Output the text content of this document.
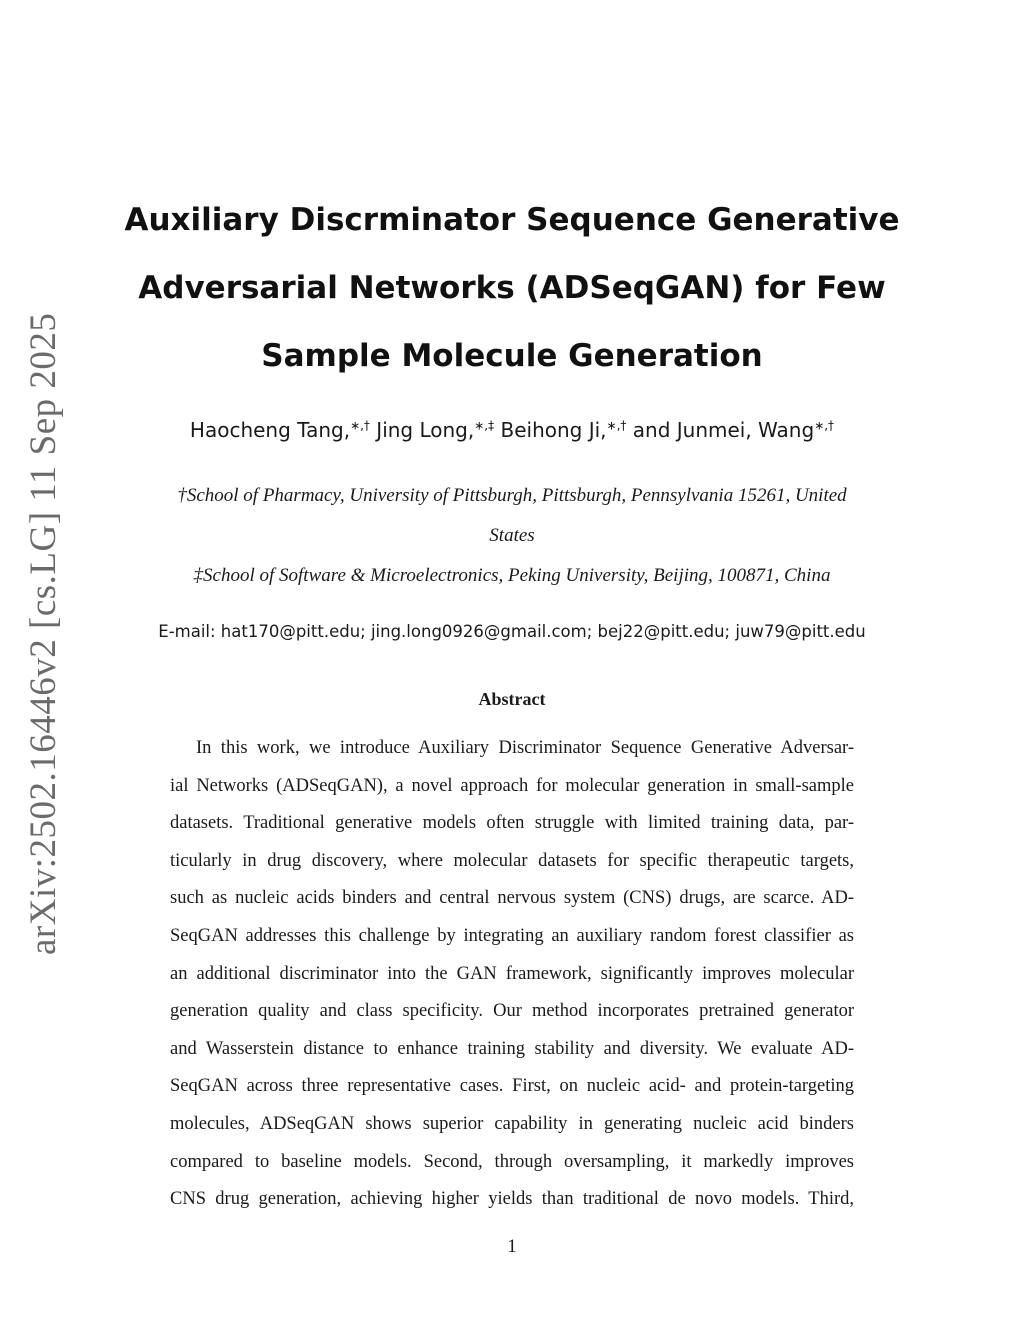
arXiv:2502.16446v2 [cs.LG] 11 Sep 2025
Auxiliary Discrminator Sequence Generative
Adversarial Networks (ADSeqGAN) for Few
Sample Molecule Generation
Haocheng Tang,∗,† Jing Long,∗,‡ Beihong Ji,∗,† and Junmei, Wang∗,†
†School of Pharmacy, University of Pittsburgh, Pittsburgh, Pennsylvania 15261, United
States
‡School of Software & Microelectronics, Peking University, Beijing, 100871, China
E-mail: hat170@pitt.edu; jing.long0926@gmail.com; bej22@pitt.edu; juw79@pitt.edu
Abstract
In this work, we introduce Auxiliary Discriminator Sequence Generative Adversar-
ial Networks (ADSeqGAN), a novel approach for molecular generation in small-sample
datasets. Traditional generative models often struggle with limited training data, par-
ticularly in drug discovery, where molecular datasets for specific therapeutic targets,
such as nucleic acids binders and central nervous system (CNS) drugs, are scarce. AD-
SeqGAN addresses this challenge by integrating an auxiliary random forest classifier as
an additional discriminator into the GAN framework, significantly improves molecular
generation quality and class specificity. Our method incorporates pretrained generator
and Wasserstein distance to enhance training stability and diversity. We evaluate AD-
SeqGAN across three representative cases. First, on nucleic acid- and protein-targeting
molecules, ADSeqGAN shows superior capability in generating nucleic acid binders
compared to baseline models. Second, through oversampling, it markedly improves
CNS drug generation, achieving higher yields than traditional de novo models. Third,
1
